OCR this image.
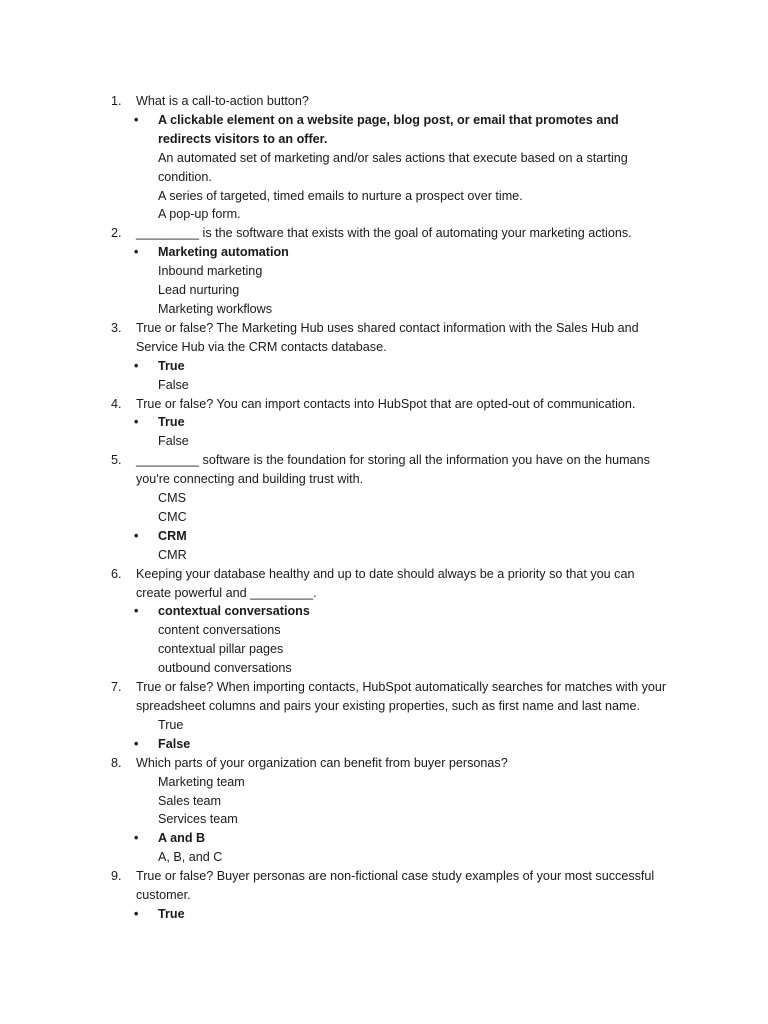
1. What is a call-to-action button?
• A clickable element on a website page, blog post, or email that promotes and redirects visitors to an offer.
An automated set of marketing and/or sales actions that execute based on a starting condition.
A series of targeted, timed emails to nurture a prospect over time.
A pop-up form.
2. _________ is the software that exists with the goal of automating your marketing actions.
• Marketing automation
Inbound marketing
Lead nurturing
Marketing workflows
3. True or false? The Marketing Hub uses shared contact information with the Sales Hub and Service Hub via the CRM contacts database.
• True
False
4. True or false? You can import contacts into HubSpot that are opted-out of communication.
• True
False
5. _________ software is the foundation for storing all the information you have on the humans you're connecting and building trust with.
CMS
CMC
• CRM
CMR
6. Keeping your database healthy and up to date should always be a priority so that you can create powerful and _________.
• contextual conversations
content conversations
contextual pillar pages
outbound conversations
7. True or false? When importing contacts, HubSpot automatically searches for matches with your spreadsheet columns and pairs your existing properties, such as first name and last name.
True
• False
8. Which parts of your organization can benefit from buyer personas?
Marketing team
Sales team
Services team
• A and B
A, B, and C
9. True or false? Buyer personas are non-fictional case study examples of your most successful customer.
• True
